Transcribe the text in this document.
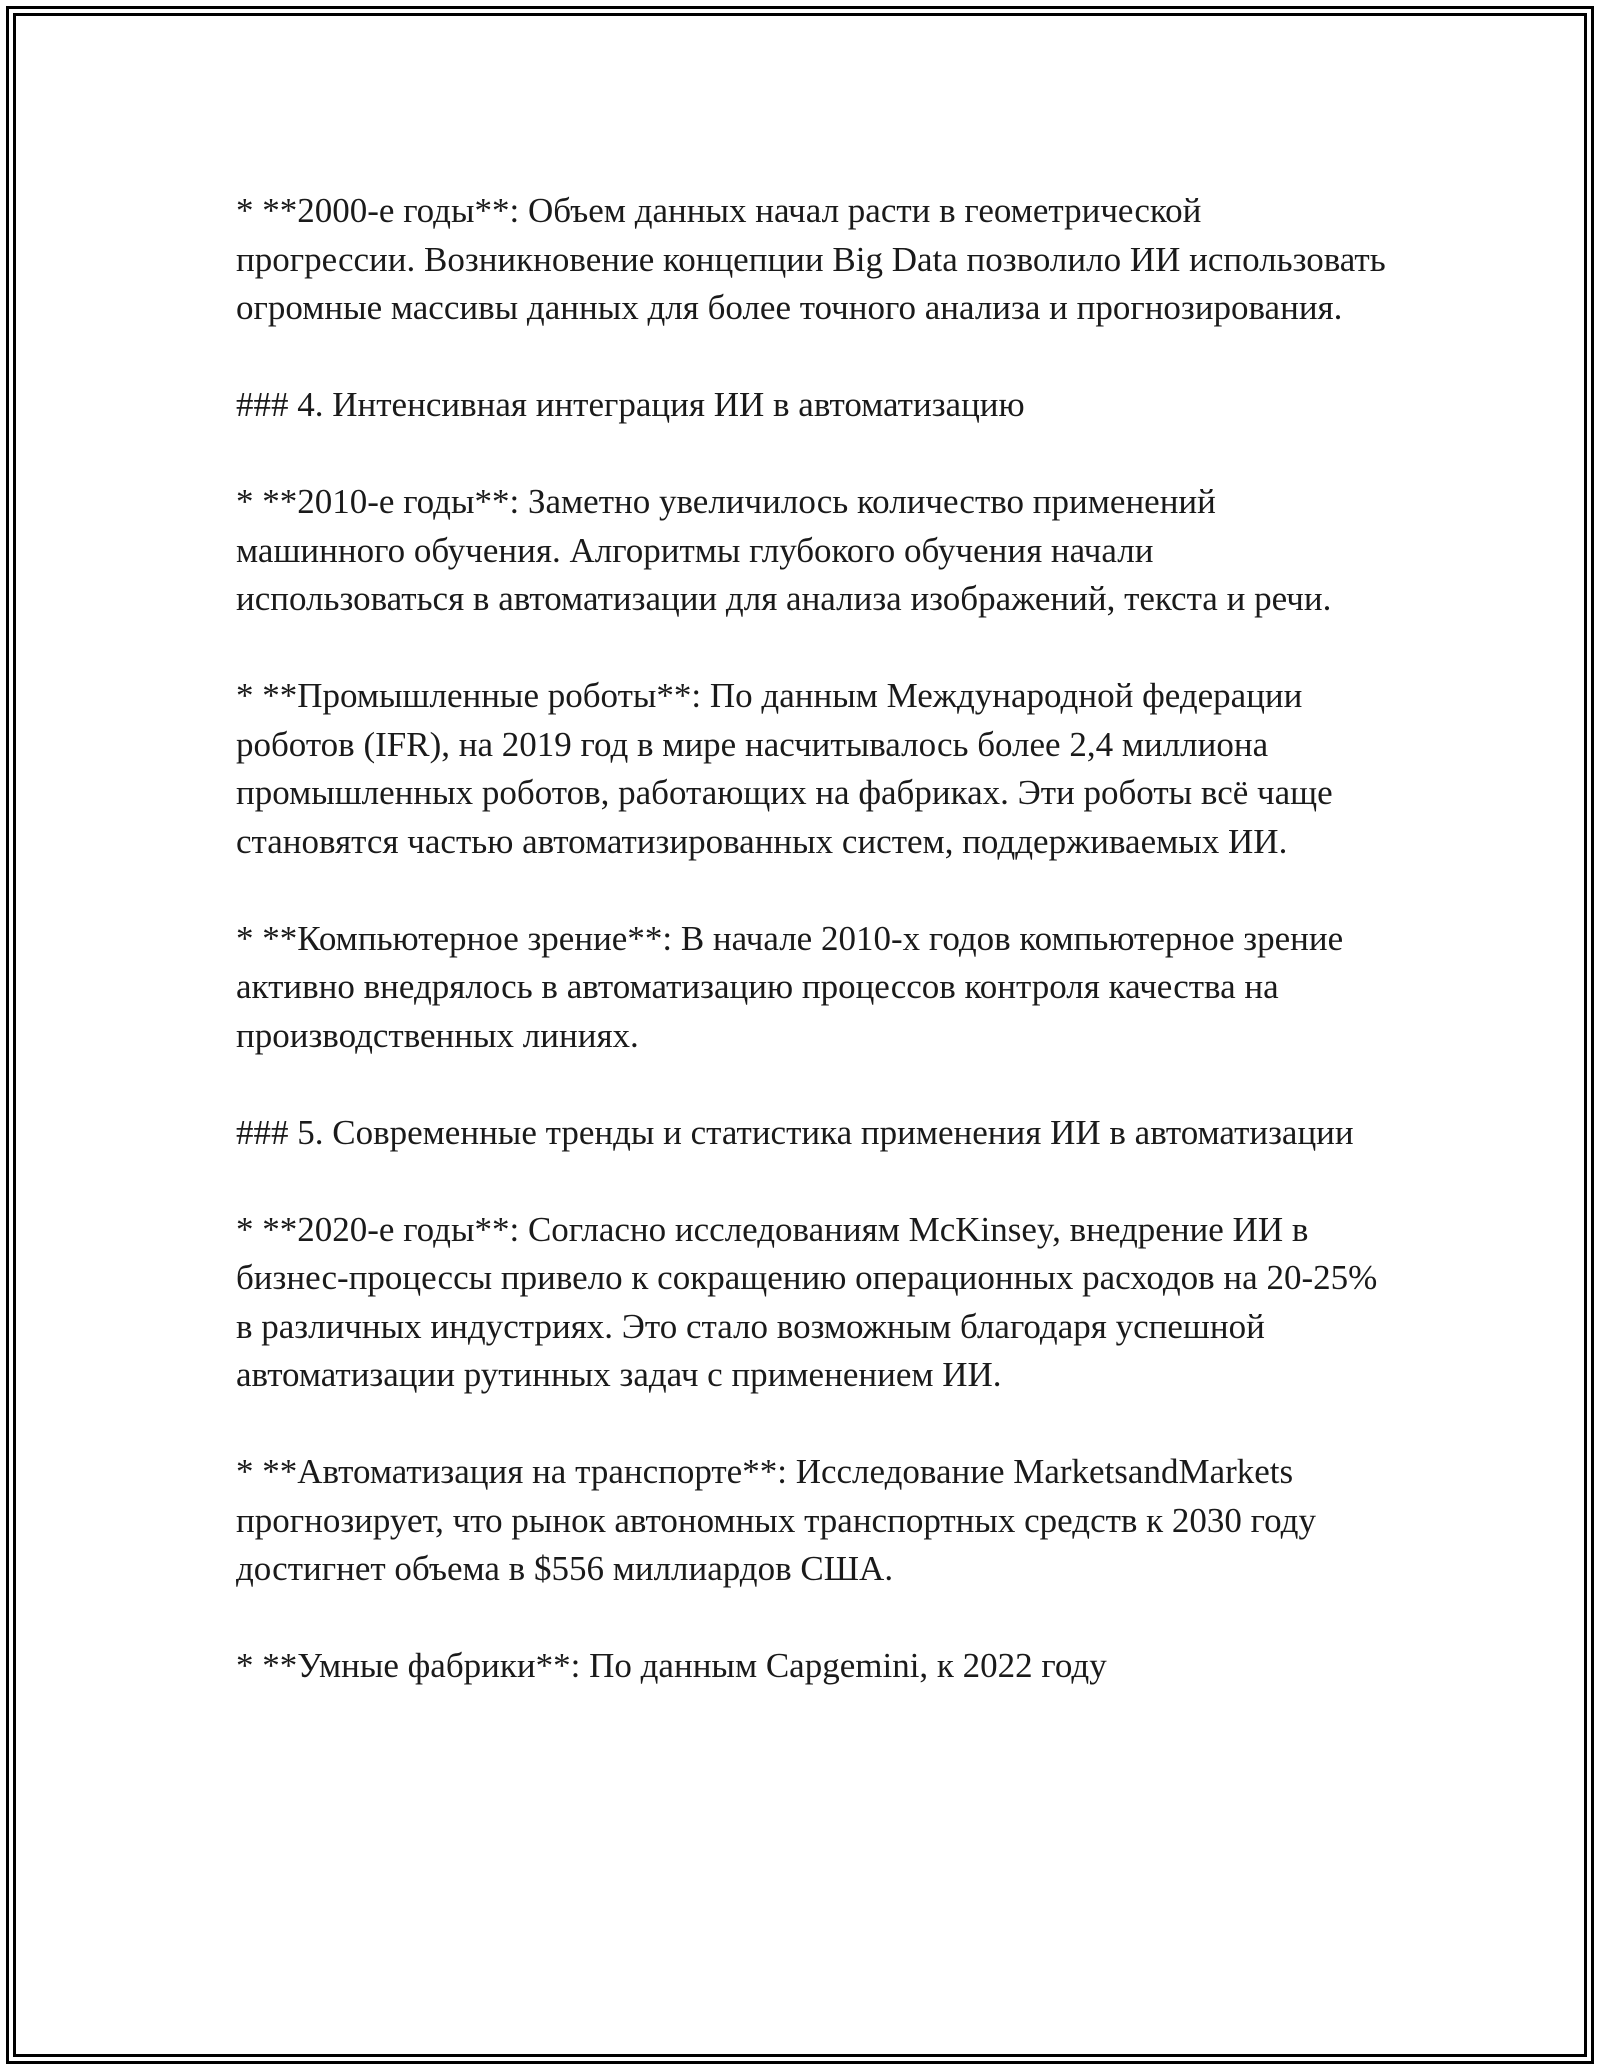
* **2000-е годы**: Объем данных начал расти в геометрической прогрессии. Возникновение концепции Big Data позволило ИИ использовать огромные массивы данных для более точного анализа и прогнозирования.

### 4. Интенсивная интеграция ИИ в автоматизацию

* **2010-е годы**: Заметно увеличилось количество применений машинного обучения. Алгоритмы глубокого обучения начали использоваться в автоматизации для анализа изображений, текста и речи.

* **Промышленные роботы**: По данным Международной федерации роботов (IFR), на 2019 год в мире насчитывалось более 2,4 миллиона промышленных роботов, работающих на фабриках. Эти роботы всё чаще становятся частью автоматизированных систем, поддерживаемых ИИ.

* **Компьютерное зрение**: В начале 2010-х годов компьютерное зрение активно внедрялось в автоматизацию процессов контроля качества на производственных линиях.

### 5. Современные тренды и статистика применения ИИ в автоматизации

* **2020-е годы**: Согласно исследованиям McKinsey, внедрение ИИ в бизнес-процессы привело к сокращению операционных расходов на 20-25% в различных индустриях. Это стало возможным благодаря успешной автоматизации рутинных задач с применением ИИ.

* **Автоматизация на транспорте**: Исследование MarketsandMarkets прогнозирует, что рынок автономных транспортных средств к 2030 году достигнет объема в $556 миллиардов США.

* **Умные фабрики**: По данным Capgemini, к 2022 году
